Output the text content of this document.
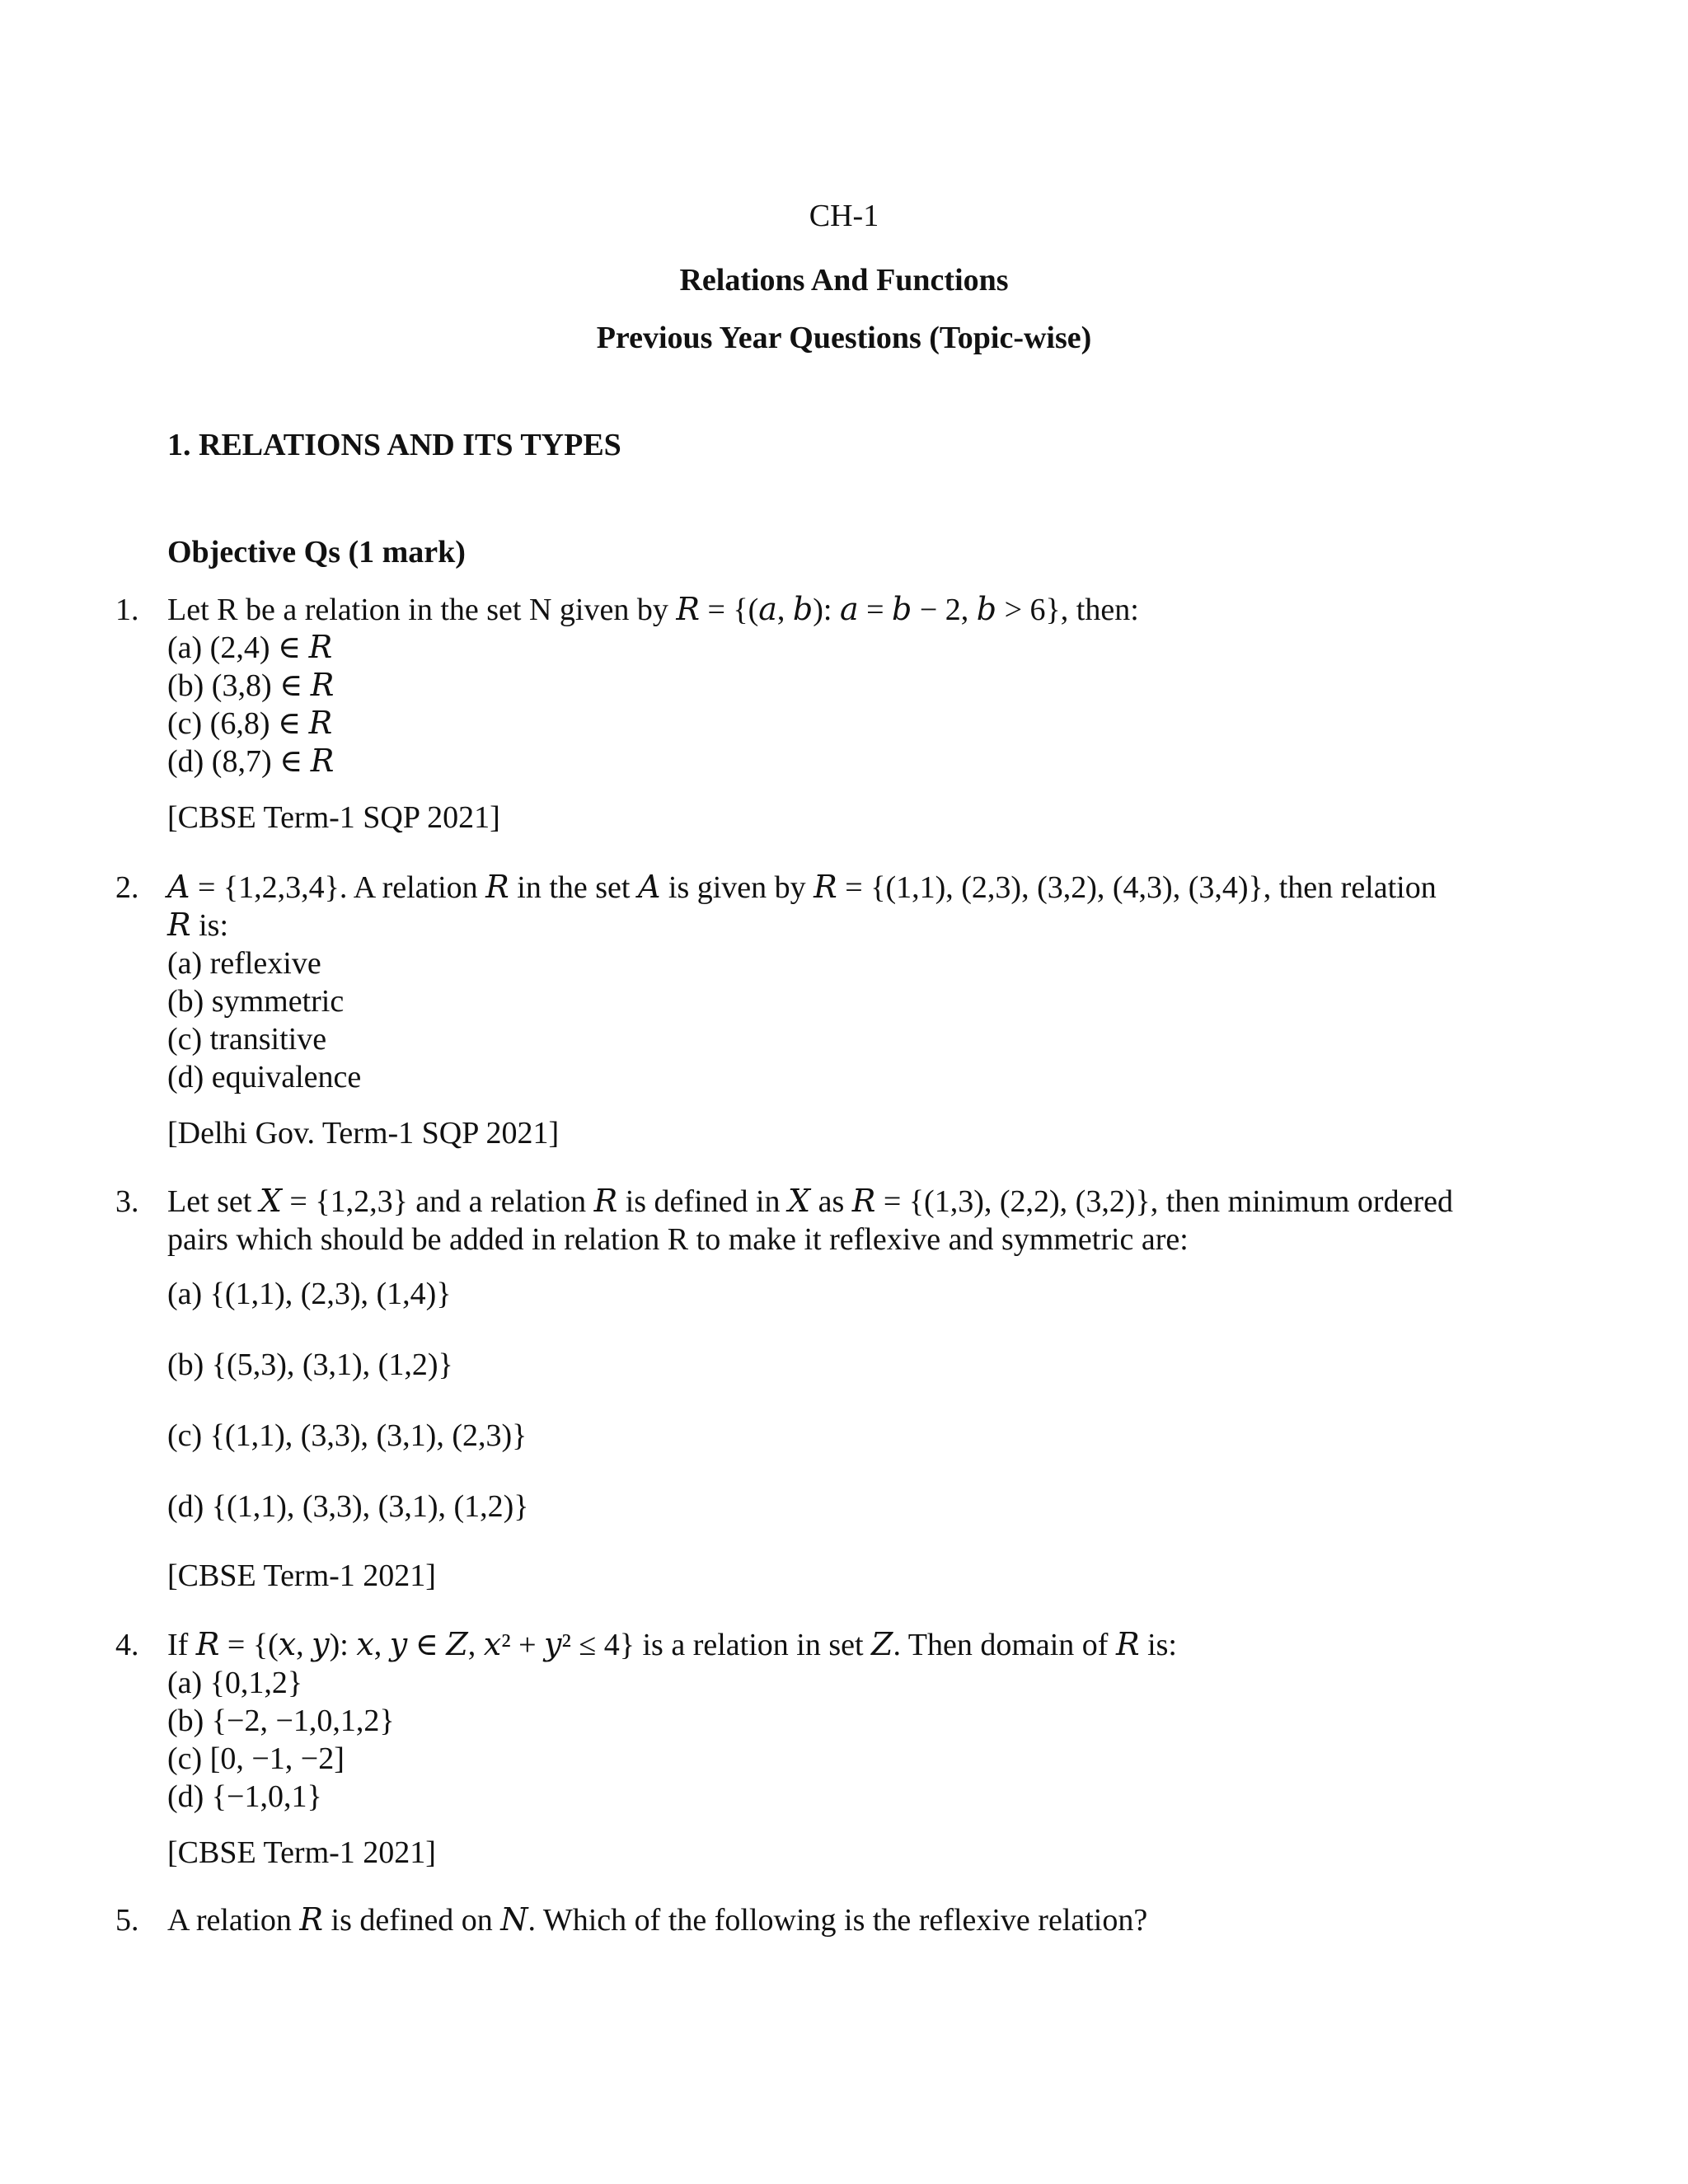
CH-1
Relations And Functions
Previous Year Questions (Topic-wise)
1. RELATIONS AND ITS TYPES
Objective Qs (1 mark)
1. Let R be a relation in the set N given by 𝑅 = {(𝑎, 𝑏): 𝑎 = 𝑏 − 2, 𝑏 > 6}, then:
(a) (2,4) ∈ 𝑅
(b) (3,8) ∈ 𝑅
(c) (6,8) ∈ 𝑅
(d) (8,7) ∈ 𝑅
[CBSE Term-1 SQP 2021]
2. 𝐴 = {1,2,3,4}. A relation 𝑅 in the set 𝐴 is given by 𝑅 = {(1,1), (2,3), (3,2), (4,3), (3,4)}, then relation
𝑅 is:
(a) reflexive
(b) symmetric
(c) transitive
(d) equivalence
[Delhi Gov. Term-1 SQP 2021]
3. Let set 𝑋 = {1,2,3} and a relation 𝑅 is defined in 𝑋 as 𝑅 = {(1,3), (2,2), (3,2)}, then minimum ordered
pairs which should be added in relation R to make it reflexive and symmetric are:
(a) {(1,1), (2,3), (1,4)}
(b) {(5,3), (3,1), (1,2)}
(c) {(1,1), (3,3), (3,1), (2,3)}
(d) {(1,1), (3,3), (3,1), (1,2)}
[CBSE Term-1 2021]
4. If 𝑅 = {(𝑥, 𝑦): 𝑥, 𝑦 ∈ 𝑍, 𝑥² + 𝑦² ≤ 4} is a relation in set 𝑍. Then domain of 𝑅 is:
(a) {0,1,2}
(b) {−2, −1,0,1,2}
(c) [0, −1, −2]
(d) {−1,0,1}
[CBSE Term-1 2021]
5. A relation 𝑅 is defined on 𝑁. Which of the following is the reflexive relation?
